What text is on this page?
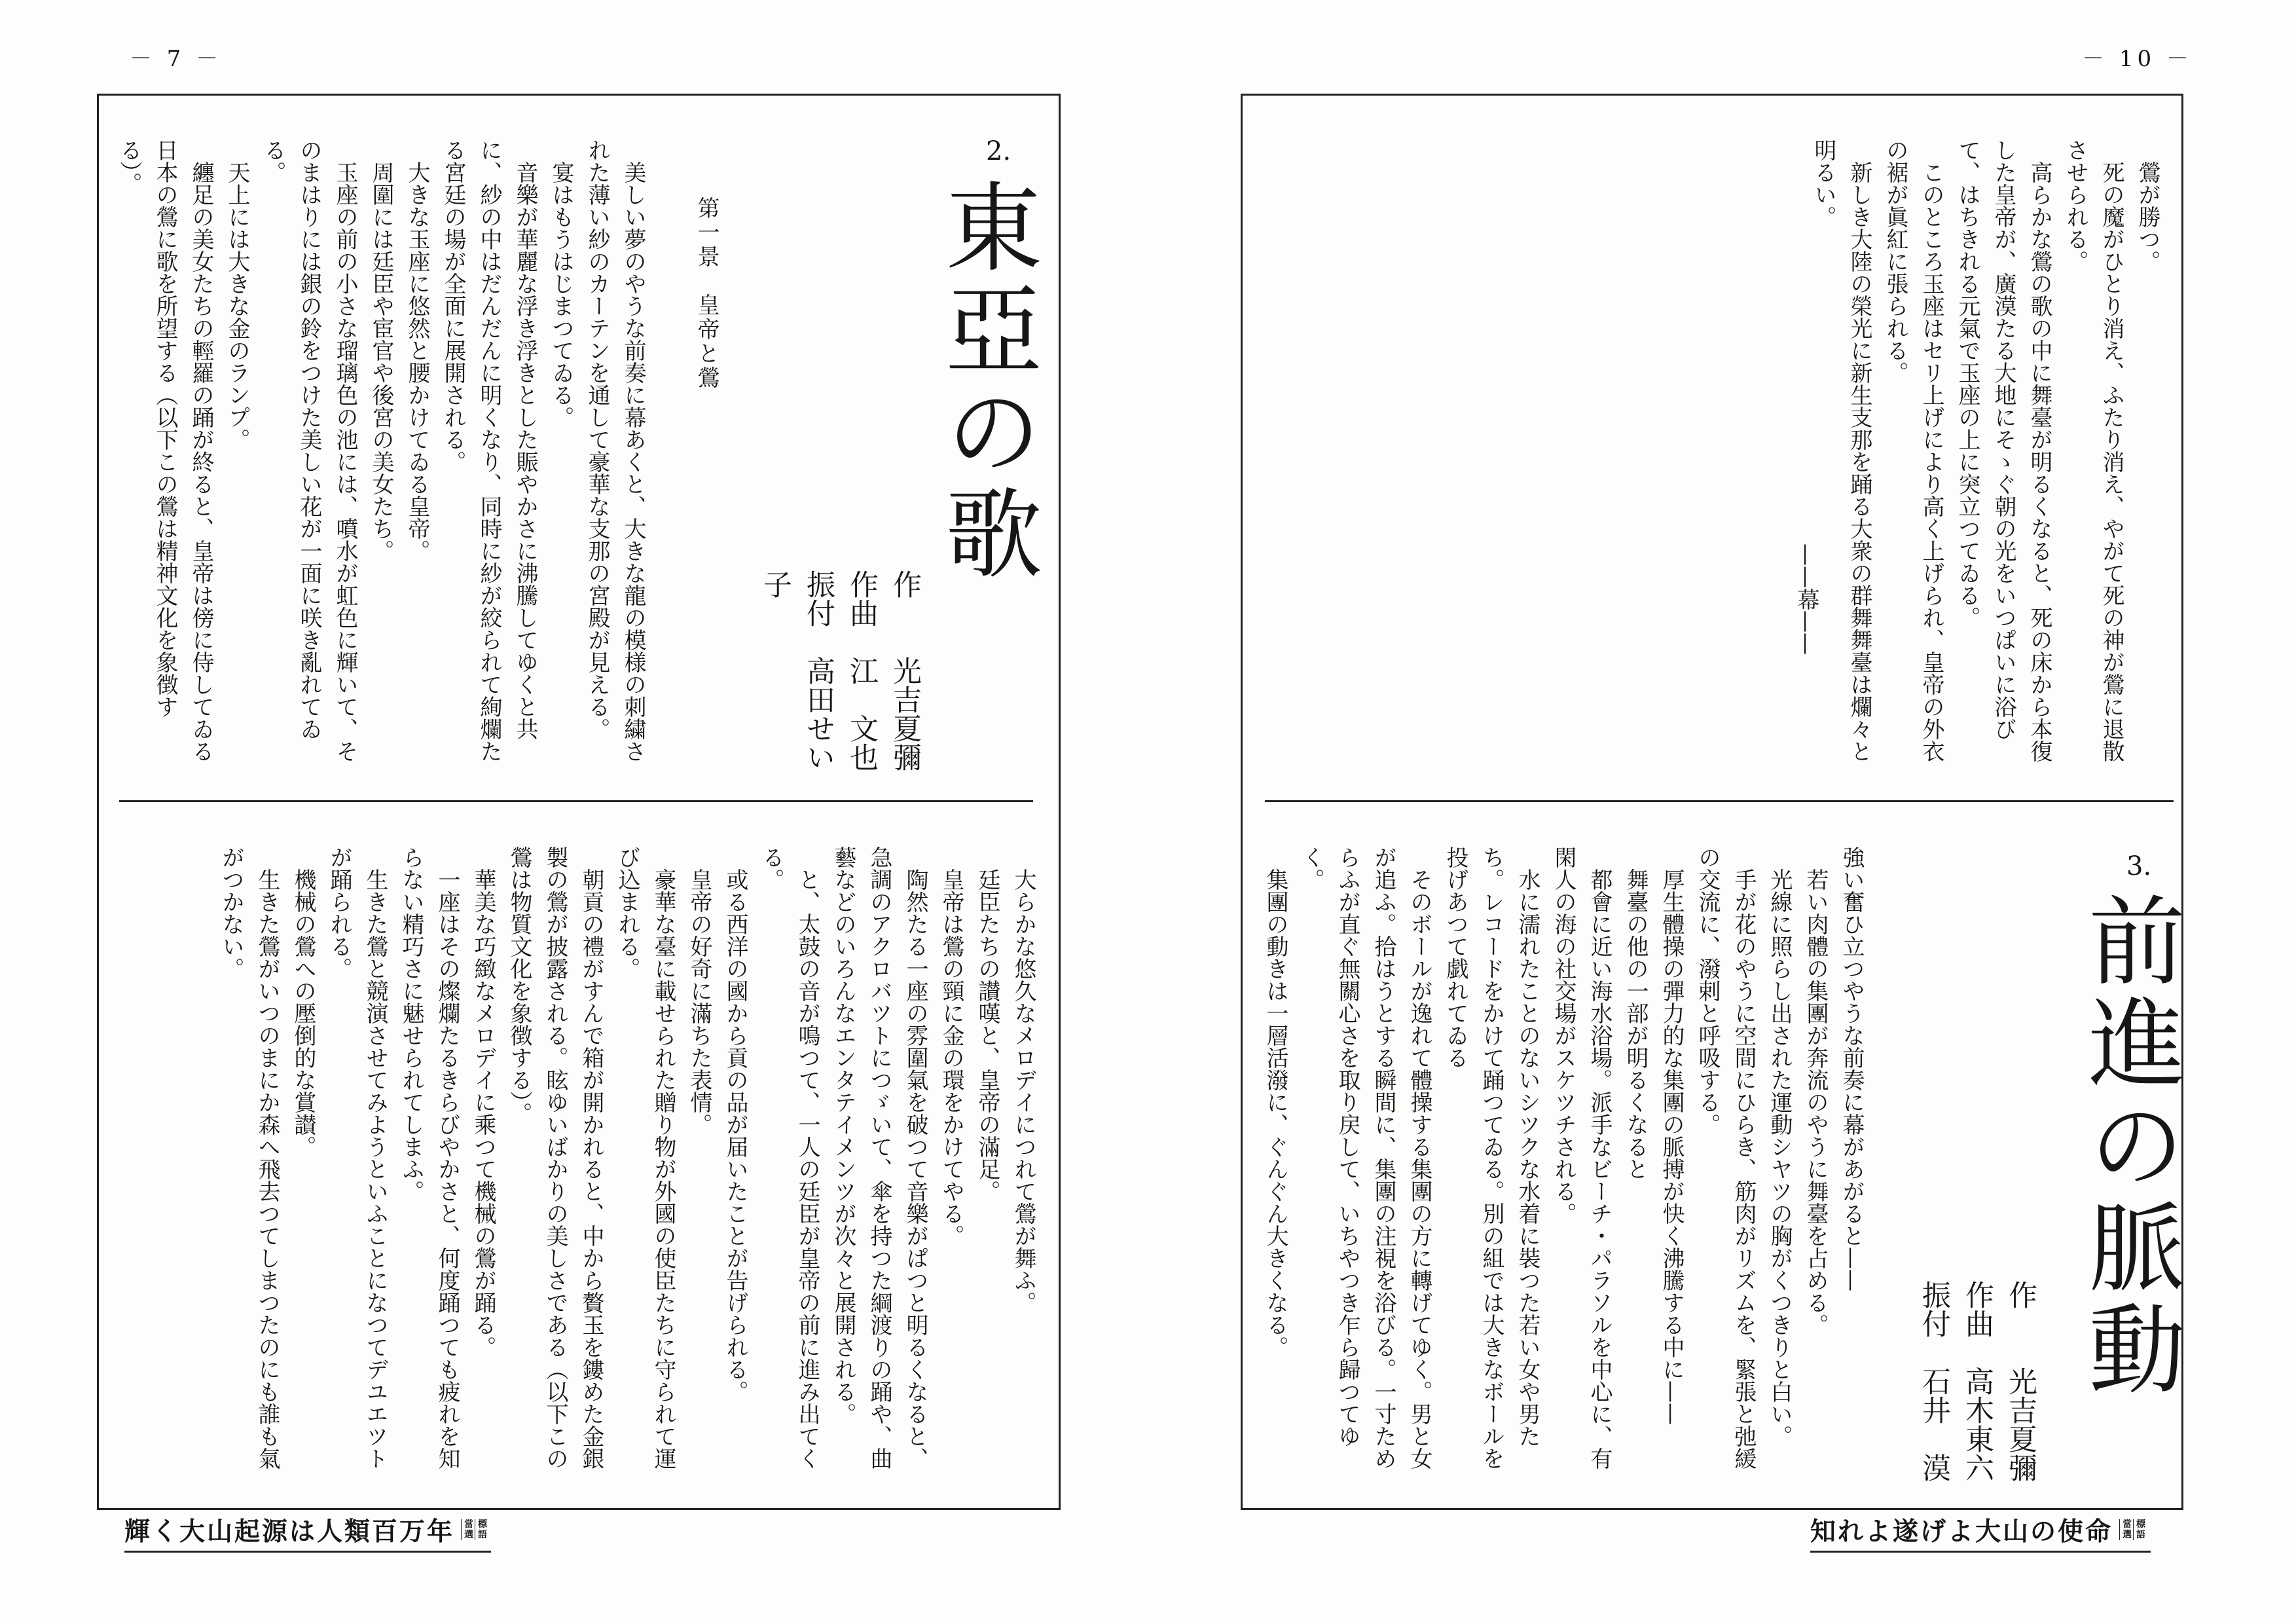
－ 7 －
2.
東亞の歌

作　　光吉夏彌

作曲　江　文也

振付　高田せい子

第一景　皇帝と鶯

美しい夢のやうな前奏に幕あくと、大きな龍の模様の刺繍された薄い紗のカーテンを通して豪華な支那の宮殿が見える。

宴はもうはじまつてゐる。

音樂が華麗な浮き浮きとした賑やかさに沸騰してゆくと共に、紗の中はだんだんに明くなり、同時に紗が絞られて絢爛たる宮廷の場が全面に展開される。

大きな玉座に悠然と腰かけてゐる皇帝。

周圍には廷臣や宦官や後宮の美女たち。

玉座の前の小さな瑠璃色の池には、噴水が虹色に輝いて、そのまはりには銀の鈴をつけた美しい花が一面に咲き亂れてゐる。

天上には大きな金のランプ。

纏足の美女たちの輕羅の踊が終ると、皇帝は傍に侍してゐる日本の鶯に歌を所望する（以下この鶯は精神文化を象徴する）。

大らかな悠久なメロデイにつれて鶯が舞ふ。

廷臣たちの讃嘆と、皇帝の滿足。

皇帝は鶯の頸に金の環をかけてやる。

陶然たる一座の雰圍氣を破つて音樂がぱつと明るくなると、急調のアクロバツトにつゞいて、傘を持つた綱渡りの踊や、曲藝などのいろんなエンタテイメンツが次々と展開される。

と、太鼓の音が鳴つて、一人の廷臣が皇帝の前に進み出てくる。

或る西洋の國から貢の品が届いたことが告げられる。

皇帝の好奇に滿ちた表情。

豪華な臺に載せられた贈り物が外國の使臣たちに守られて運び込まれる。

朝貢の禮がすんで箱が開かれると、中から贅玉を鏤めた金銀製の鶯が披露される。眩ゆいばかりの美しさである（以下この鶯は物質文化を象徴する）。

華美な巧緻なメロデイに乘つて機械の鶯が踊る。

一座はその燦爛たるきらびやかさと、何度踊つても疲れを知らない精巧さに魅せられてしまふ。

生きた鶯と競演させてみようといふことになつてデユエツトが踊られる。

機械の鶯への壓倒的な賞讃。

生きた鶯がいつのまにか森へ飛去つてしまつたのにも誰も氣がつかない。

輝く大山起源は人類百万年 當
選
標
語
－ 10 －

鶯が勝つ。

死の魔がひとり消え、ふたり消え、やがて死の神が鶯に退散させられる。

高らかな鶯の歌の中に舞臺が明るくなると、死の床から本復した皇帝が、廣漠たる大地にそゝぐ朝の光をいつぱいに浴びて、はちきれる元氣で玉座の上に突立つてゐる。

このところ玉座はセリ上げにより高く上げられ、皇帝の外衣の裾が眞紅に張られる。

新しき大陸の榮光に新生支那を踊る大衆の群舞舞臺は爛々と明るい。

——幕——
3.
前進の脈動

作　　光吉夏彌

作曲　高木東六

振付　石井　漠

強い奮ひ立つやうな前奏に幕があがると——

若い肉體の集團が奔流のやうに舞臺を占める。

光線に照らし出された運動シヤツの胸がくつきりと白い。

手が花のやうに空間にひらき、筋肉がリズムを、緊張と弛緩の交流に、潑剌と呼吸する。

厚生體操の彈力的な集團の脈搏が快く沸騰する中に——

舞臺の他の一部が明るくなると

都會に近い海水浴場。派手なビーチ・パラソルを中心に、有閑人の海の社交場がスケツチされる。

水に濡れたことのないシツクな水着に裝つた若い女や男たち。レコードをかけて踊つてゐる。別の組では大きなボールを投げあつて戯れてゐる

そのボールが逸れて體操する集團の方に轉げてゆく。男と女が追ふ。拾はうとする瞬間に、集團の注視を浴びる。一寸ためらふが直ぐ無關心さを取り戻して、いちやつき乍ら歸つてゆく。

集團の動きは一層活潑に、ぐんぐん大きくなる。

知れよ遂げよ大山の使命 當
選
標
語
